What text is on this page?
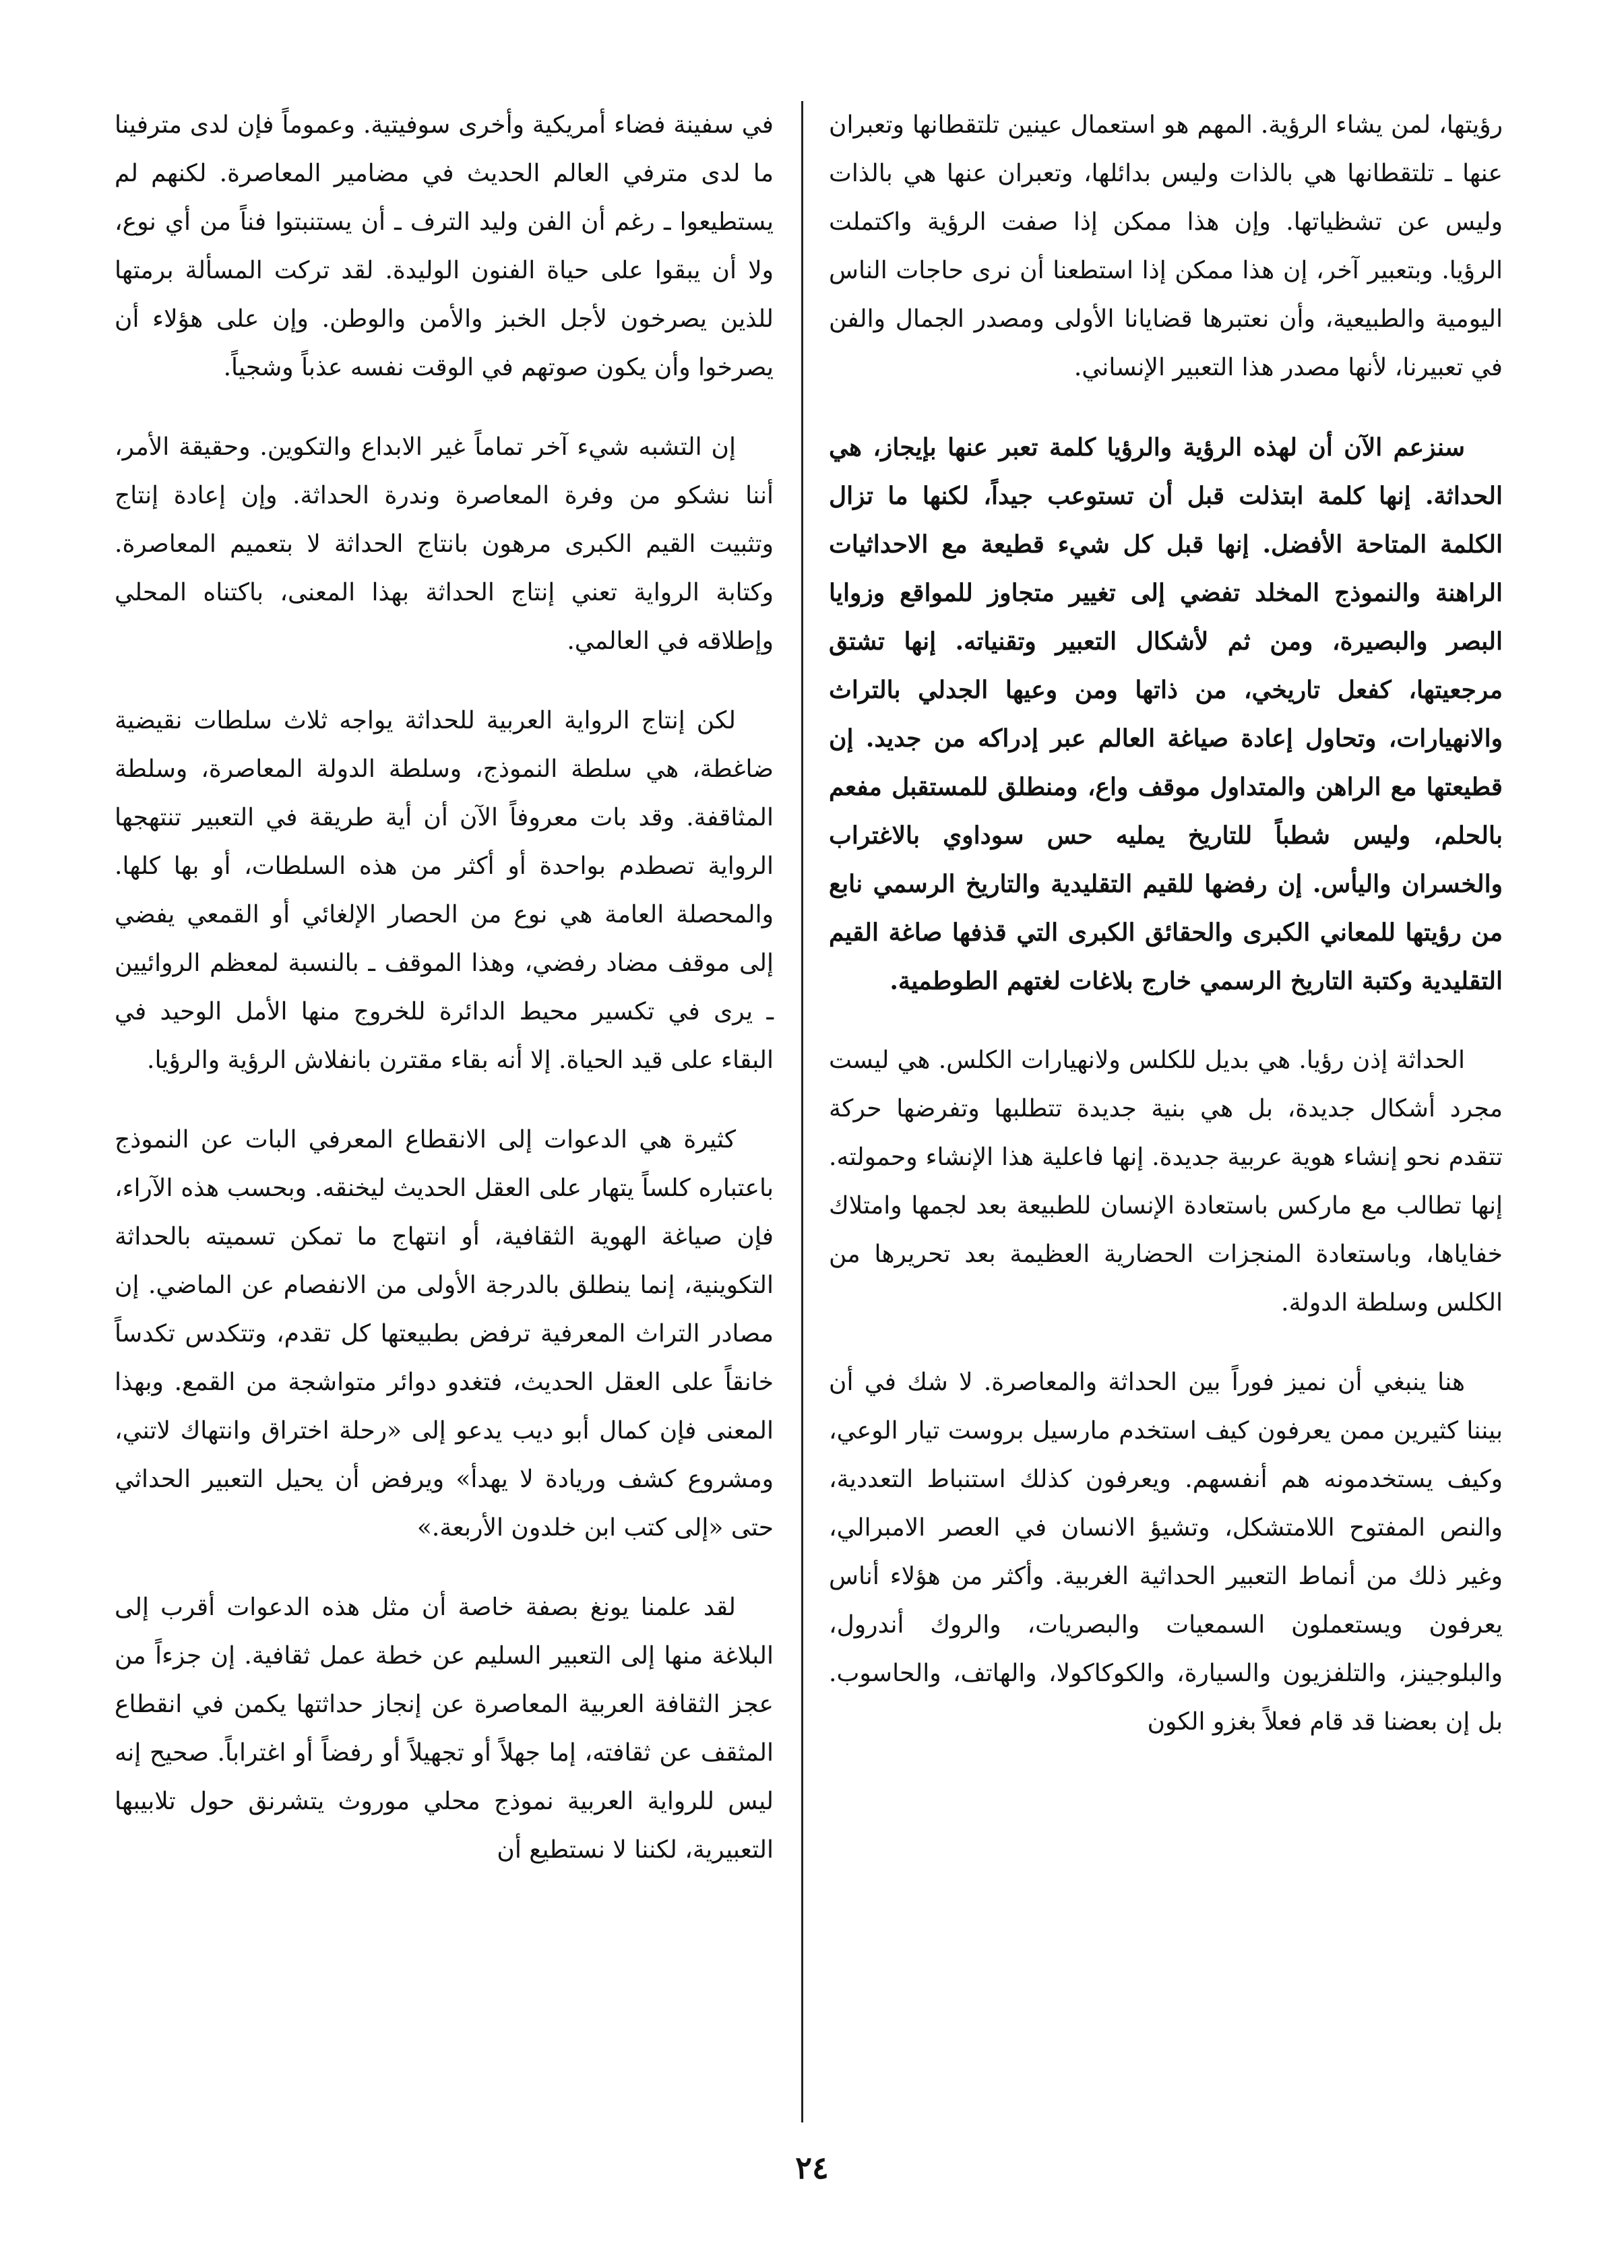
رؤيتها، لمن يشاء الرؤية. المهم هو استعمال عينين تلتقطانها وتعبران عنها ـ تلتقطانها هي بالذات وليس بدائلها، وتعبران عنها هي بالذات وليس عن تشظياتها. وإن هذا ممكن إذا صفت الرؤية واكتملت الرؤيا. وبتعبير آخر، إن هذا ممكن إذا استطعنا أن نرى حاجات الناس اليومية والطبيعية، وأن نعتبرها قضايانا الأولى ومصدر الجمال والفن في تعبيرنا، لأنها مصدر هذا التعبير الإنساني.

سنزعم الآن أن لهذه الرؤية والرؤيا كلمة تعبر عنها بإيجاز، هي الحداثة. إنها كلمة ابتذلت قبل أن تستوعب جيداً، لكنها ما تزال الكلمة المتاحة الأفضل. إنها قبل كل شيء قطيعة مع الاحداثيات الراهنة والنموذج المخلد تفضي إلى تغيير متجاوز للمواقع وزوايا البصر والبصيرة، ومن ثم لأشكال التعبير وتقنياته. إنها تشتق مرجعيتها، كفعل تاريخي، من ذاتها ومن وعيها الجدلي بالتراث والانهيارات، وتحاول إعادة صياغة العالم عبر إدراكه من جديد. إن قطيعتها مع الراهن والمتداول موقف واع، ومنطلق للمستقبل مفعم بالحلم، وليس شطباً للتاريخ يمليه حس سوداوي بالاغتراب والخسران واليأس. إن رفضها للقيم التقليدية والتاريخ الرسمي نابع من رؤيتها للمعاني الكبرى والحقائق الكبرى التي قذفها صاغة القيم التقليدية وكتبة التاريخ الرسمي خارج بلاغات لغتهم الطوطمية.

الحداثة إذن رؤيا. هي بديل للكلس ولانهيارات الكلس. هي ليست مجرد أشكال جديدة، بل هي بنية جديدة تتطلبها وتفرضها حركة تتقدم نحو إنشاء هوية عربية جديدة. إنها فاعلية هذا الإنشاء وحمولته. إنها تطالب مع ماركس باستعادة الإنسان للطبيعة بعد لجمها وامتلاك خفاياها، وباستعادة المنجزات الحضارية العظيمة بعد تحريرها من الكلس وسلطة الدولة.

هنا ينبغي أن نميز فوراً بين الحداثة والمعاصرة. لا شك في أن بيننا كثيرين ممن يعرفون كيف استخدم مارسيل بروست تيار الوعي، وكيف يستخدمونه هم أنفسهم. ويعرفون كذلك استنباط التعددية، والنص المفتوح اللامتشكل، وتشيؤ الانسان في العصر الامبرالي، وغير ذلك من أنماط التعبير الحداثية الغربية. وأكثر من هؤلاء أناس يعرفون ويستعملون السمعيات والبصريات، والروك أندرول، والبلوجينز، والتلفزيون والسيارة، والكوكاكولا، والهاتف، والحاسوب. بل إن بعضنا قد قام فعلاً بغزو الكون

في سفينة فضاء أمريكية وأخرى سوفيتية. وعموماً فإن لدى مترفينا ما لدى مترفي العالم الحديث في مضامير المعاصرة. لكنهم لم يستطيعوا ـ رغم أن الفن وليد الترف ـ أن يستنبتوا فناً من أي نوع، ولا أن يبقوا على حياة الفنون الوليدة. لقد تركت المسألة برمتها للذين يصرخون لأجل الخبز والأمن والوطن. وإن على هؤلاء أن يصرخوا وأن يكون صوتهم في الوقت نفسه عذباً وشجياً.

إن التشبه شيء آخر تماماً غير الابداع والتكوين. وحقيقة الأمر، أننا نشكو من وفرة المعاصرة وندرة الحداثة. وإن إعادة إنتاج وتثبيت القيم الكبرى مرهون بانتاج الحداثة لا بتعميم المعاصرة. وكتابة الرواية تعني إنتاج الحداثة بهذا المعنى، باكتناه المحلي وإطلاقه في العالمي.

لكن إنتاج الرواية العربية للحداثة يواجه ثلاث سلطات نقيضية ضاغطة، هي سلطة النموذج، وسلطة الدولة المعاصرة، وسلطة المثاقفة. وقد بات معروفاً الآن أن أية طريقة في التعبير تنتهجها الرواية تصطدم بواحدة أو أكثر من هذه السلطات، أو بها كلها. والمحصلة العامة هي نوع من الحصار الإلغائي أو القمعي يفضي إلى موقف مضاد رفضي، وهذا الموقف ـ بالنسبة لمعظم الروائيين ـ يرى في تكسير محيط الدائرة للخروج منها الأمل الوحيد في البقاء على قيد الحياة. إلا أنه بقاء مقترن بانفلاش الرؤية والرؤيا.

كثيرة هي الدعوات إلى الانقطاع المعرفي البات عن النموذج باعتباره كلساً يتهار على العقل الحديث ليخنقه. وبحسب هذه الآراء، فإن صياغة الهوية الثقافية، أو انتهاج ما تمكن تسميته بالحداثة التكوينية، إنما ينطلق بالدرجة الأولى من الانفصام عن الماضي. إن مصادر التراث المعرفية ترفض بطبيعتها كل تقدم، وتتكدس تكدساً خانقاً على العقل الحديث، فتغدو دوائر متواشجة من القمع. وبهذا المعنى فإن كمال أبو ديب يدعو إلى «رحلة اختراق وانتهاك لاتني، ومشروع كشف وريادة لا يهدأ» ويرفض أن يحيل التعبير الحداثي حتى «إلى كتب ابن خلدون الأربعة.»

لقد علمنا يونغ بصفة خاصة أن مثل هذه الدعوات أقرب إلى البلاغة منها إلى التعبير السليم عن خطة عمل ثقافية. إن جزءاً من عجز الثقافة العربية المعاصرة عن إنجاز حداثتها يكمن في انقطاع المثقف عن ثقافته، إما جهلاً أو تجهيلاً أو رفضاً أو اغتراباً. صحيح إنه ليس للرواية العربية نموذج محلي موروث يتشرنق حول تلابيبها التعبيرية، لكننا لا نستطيع أن

٢٤
